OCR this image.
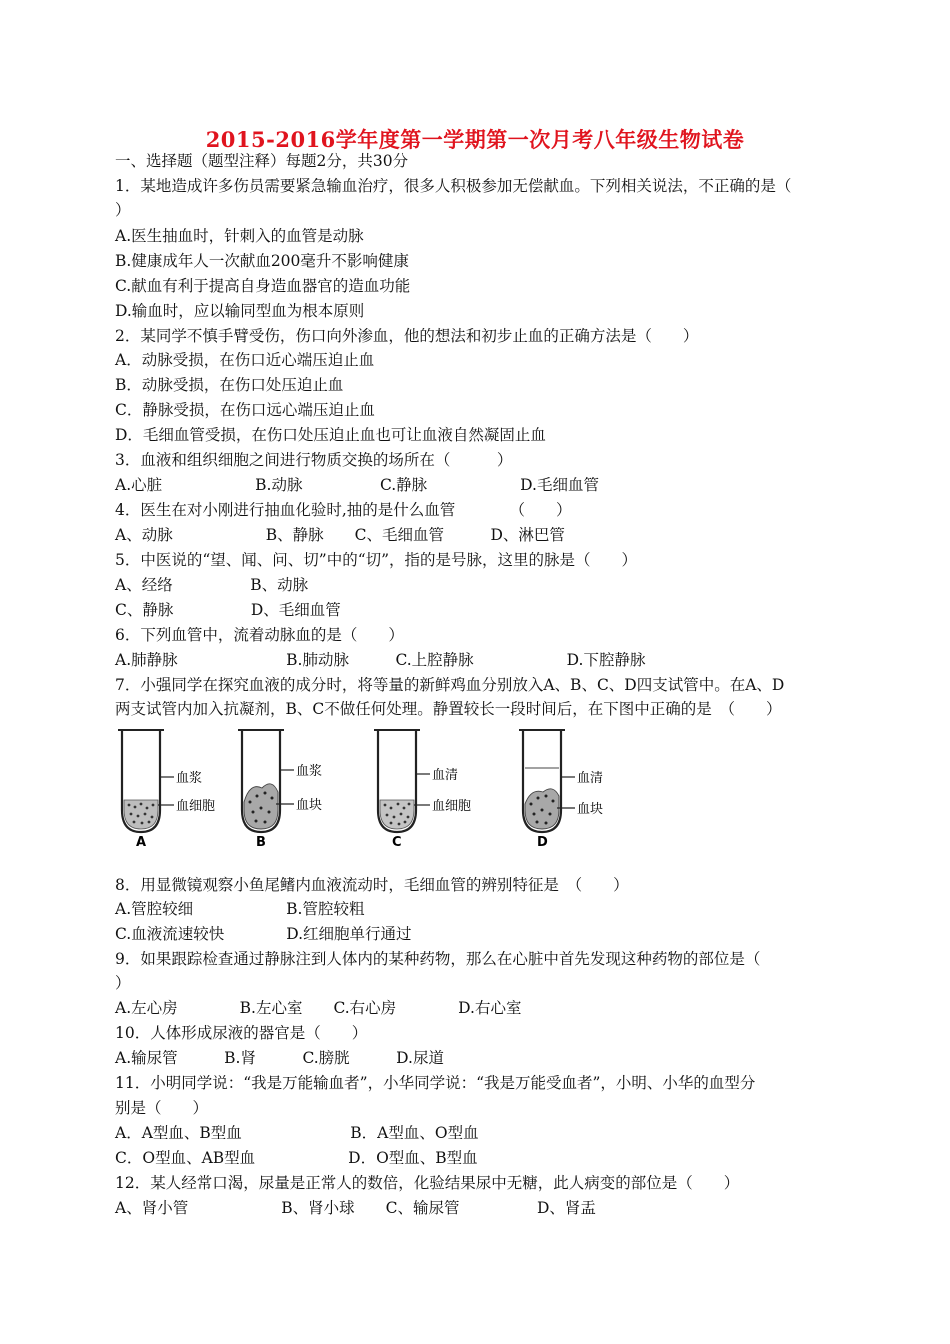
2015-2016学年度第一学期第一次月考八年级生物试卷
一、选择题（题型注释）每题2分，共30分
1．某地造成许多伤员需要紧急输血治疗，很多人积极参加无偿献血。下列相关说法，不正确的是（
）
A.医生抽血时，针刺入的血管是动脉
B.健康成年人一次献血200毫升不影响健康
C.献血有利于提高自身造血器官的造血功能
D.输血时，应以输同型血为根本原则
2．某同学不慎手臂受伤，伤口向外渗血，他的想法和初步止血的正确方法是（　　）
A．动脉受损，在伤口近心端压迫止血
B．动脉受损，在伤口处压迫止血
C．静脉受损，在伤口远心端压迫止血
D．毛细血管受损，在伤口处压迫止血也可让血液自然凝固止血
3．血液和组织细胞之间进行物质交换的场所在（　　　）
A.心脏　　　　　　B.动脉　　　　　C.静脉　　　　　　D.毛细血管
4．医生在对小刚进行抽血化验时,抽的是什么血管　　　　（　　）
A、动脉　　　　　　B、静脉　　C、毛细血管　　　D、淋巴管
5．中医说的“望、闻、问、切”中的“切”，指的是号脉，这里的脉是（　　）
A、经络　　　　　B、动脉
C、静脉　　　　　D、毛细血管
6．下列血管中，流着动脉血的是（　　）
A.肺静脉　　　　　　　B.肺动脉　　　C.上腔静脉　　　　　　D.下腔静脉
7．小强同学在探究血液的成分时，将等量的新鲜鸡血分别放入A、B、C、D四支试管中。在A、D
两支试管内加入抗凝剂，B、C不做任何处理。静置较长一段时间后，在下图中正确的是　（　　）
血浆
血细胞
A
血浆
血块
B
血清
血细胞
C
血清
血块
D
8．用显微镜观察小鱼尾鳍内血液流动时，毛细血管的辨别特征是　（　　）
A.管腔较细　　　　　　B.管腔较粗
C.血液流速较快　　　　D.红细胞单行通过
9．如果跟踪检查通过静脉注到人体内的某种药物，那么在心脏中首先发现这种药物的部位是（
）
A.左心房　　　　B.左心室　　C.右心房　　　　D.右心室
10．人体形成尿液的器官是（　　）
A.输尿管　　　B.肾　　　C.膀胱　　　D.尿道
11．小明同学说：“我是万能输血者”，小华同学说：“我是万能受血者”，小明、小华的血型分
别是（　　）
A．A型血、B型血　　　　　　　B．A型血、O型血
C．O型血、AB型血　　　　　　D．O型血、B型血
12．某人经常口渴，尿量是正常人的数倍，化验结果尿中无糖，此人病变的部位是（　　）
A、肾小管　　　　　　B、肾小球　　C、输尿管　　　　　D、肾盂
